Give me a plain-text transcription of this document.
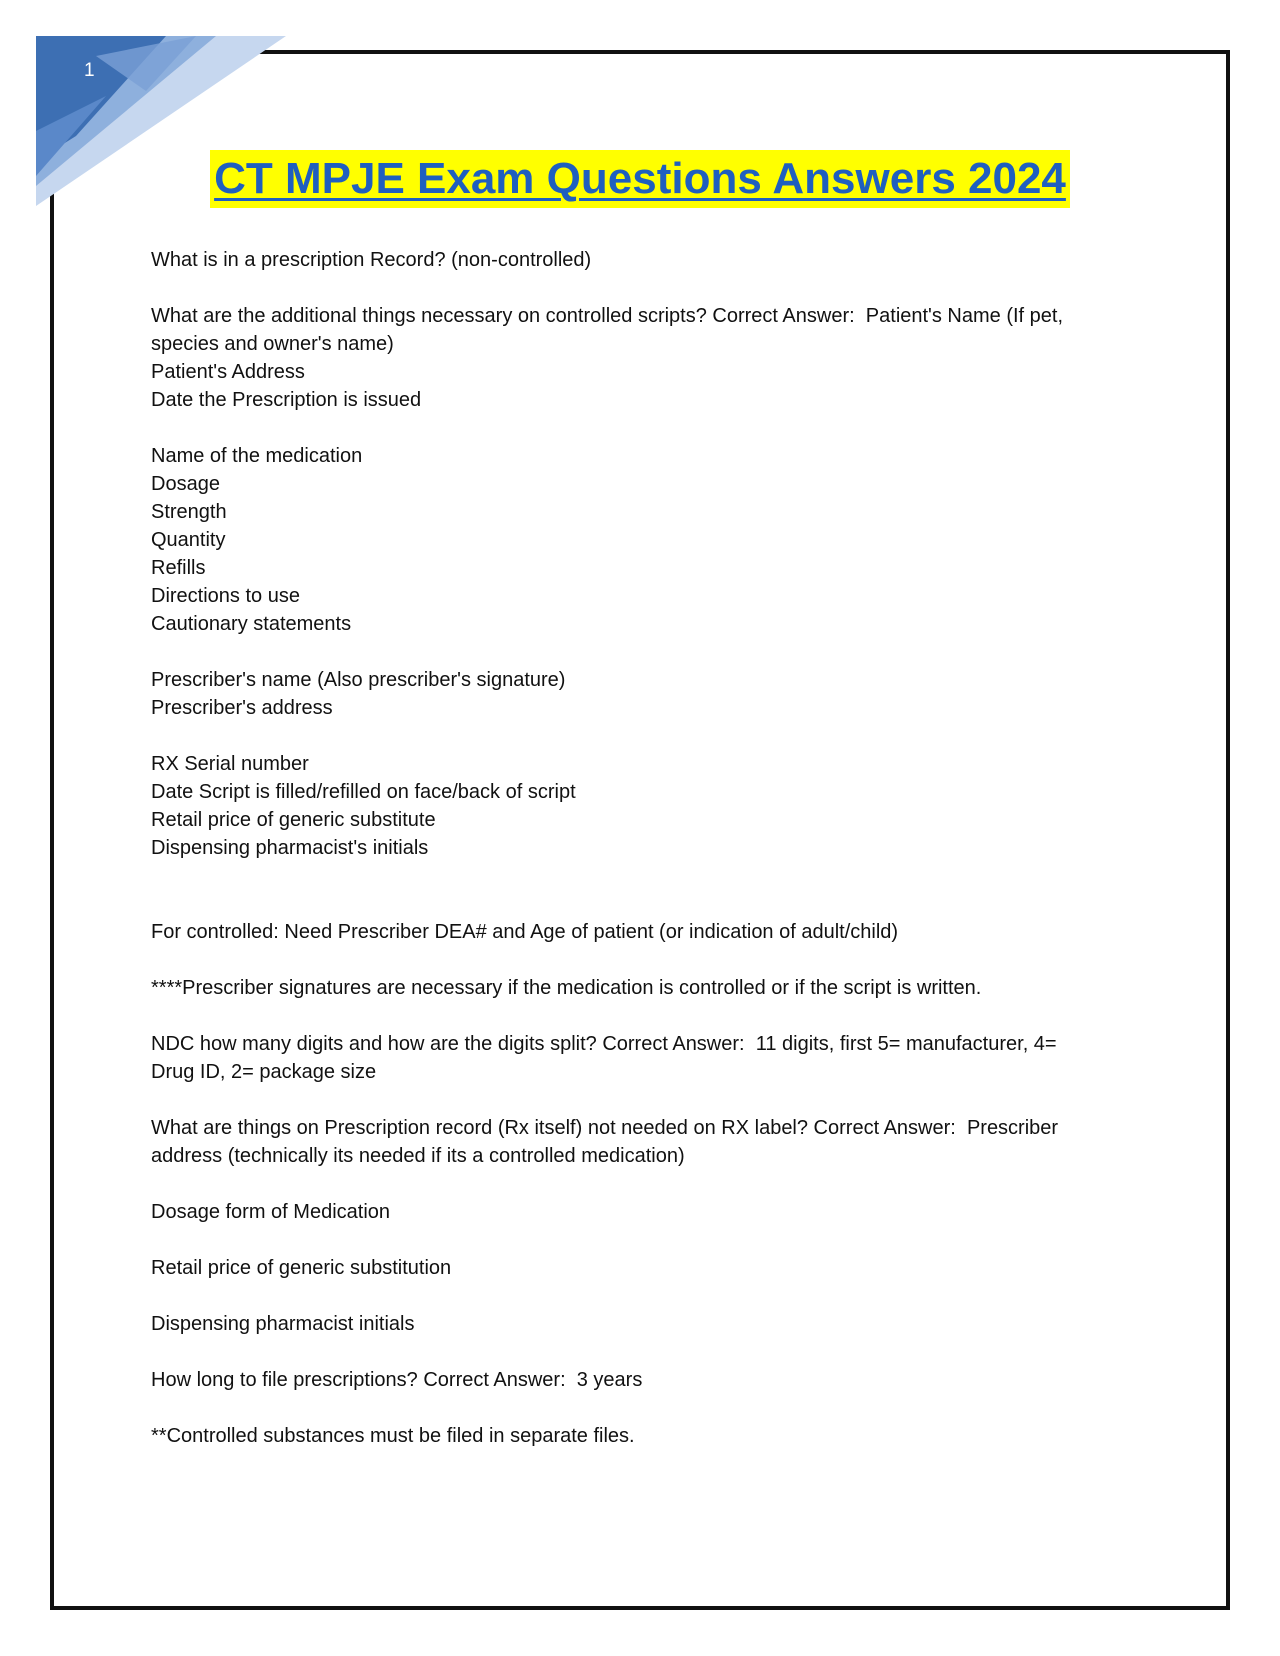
1
CT MPJE Exam Questions Answers 2024
What is in a prescription Record? (non-controlled)
What are the additional things necessary on controlled scripts? Correct Answer:  Patient's Name (If pet,
species and owner's name)
Patient's Address
Date the Prescription is issued
Name of the medication
Dosage
Strength
Quantity
Refills
Directions to use
Cautionary statements
Prescriber's name (Also prescriber's signature)
Prescriber's address
RX Serial number
Date Script is filled/refilled on face/back of script
Retail price of generic substitute
Dispensing pharmacist's initials
For controlled: Need Prescriber DEA# and Age of patient (or indication of adult/child)
****Prescriber signatures are necessary if the medication is controlled or if the script is written.
NDC how many digits and how are the digits split? Correct Answer:  11 digits, first 5= manufacturer, 4=
Drug ID, 2= package size
What are things on Prescription record (Rx itself) not needed on RX label? Correct Answer:  Prescriber
address (technically its needed if its a controlled medication)
Dosage form of Medication
Retail price of generic substitution
Dispensing pharmacist initials
How long to file prescriptions? Correct Answer:  3 years
**Controlled substances must be filed in separate files.
